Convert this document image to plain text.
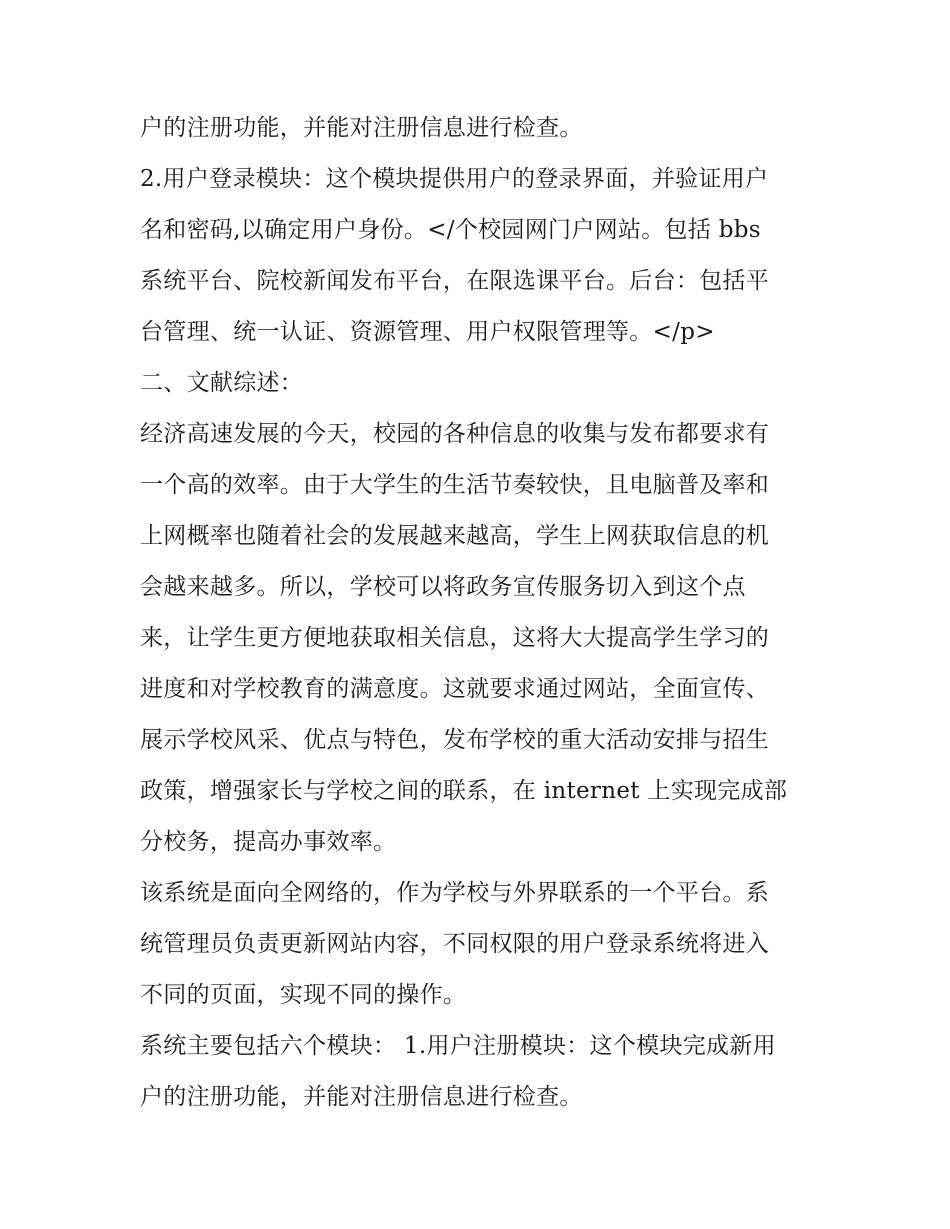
户的注册功能，并能对注册信息进行检查。
2.用户登录模块：这个模块提供用户的登录界面，并验证用户
名和密码,以确定用户身份。</个校园网门户网站。包括 bbs
系统平台、院校新闻发布平台，在限选课平台。后台：包括平
台管理、统一认证、资源管理、用户权限管理等。</p>
二、文献综述：
经济高速发展的今天，校园的各种信息的收集与发布都要求有
一个高的效率。由于大学生的生活节奏较快，且电脑普及率和
上网概率也随着社会的发展越来越高，学生上网获取信息的机
会越来越多。所以，学校可以将政务宣传服务切入到这个点
来，让学生更方便地获取相关信息，这将大大提高学生学习的
进度和对学校教育的满意度。这就要求通过网站，全面宣传、
展示学校风采、优点与特色，发布学校的重大活动安排与招生
政策，增强家长与学校之间的联系，在 internet 上实现完成部
分校务，提高办事效率。
该系统是面向全网络的，作为学校与外界联系的一个平台。系
统管理员负责更新网站内容，不同权限的用户登录系统将进入
不同的页面，实现不同的操作。
系统主要包括六个模块： 1.用户注册模块：这个模块完成新用
户的注册功能，并能对注册信息进行检查。
